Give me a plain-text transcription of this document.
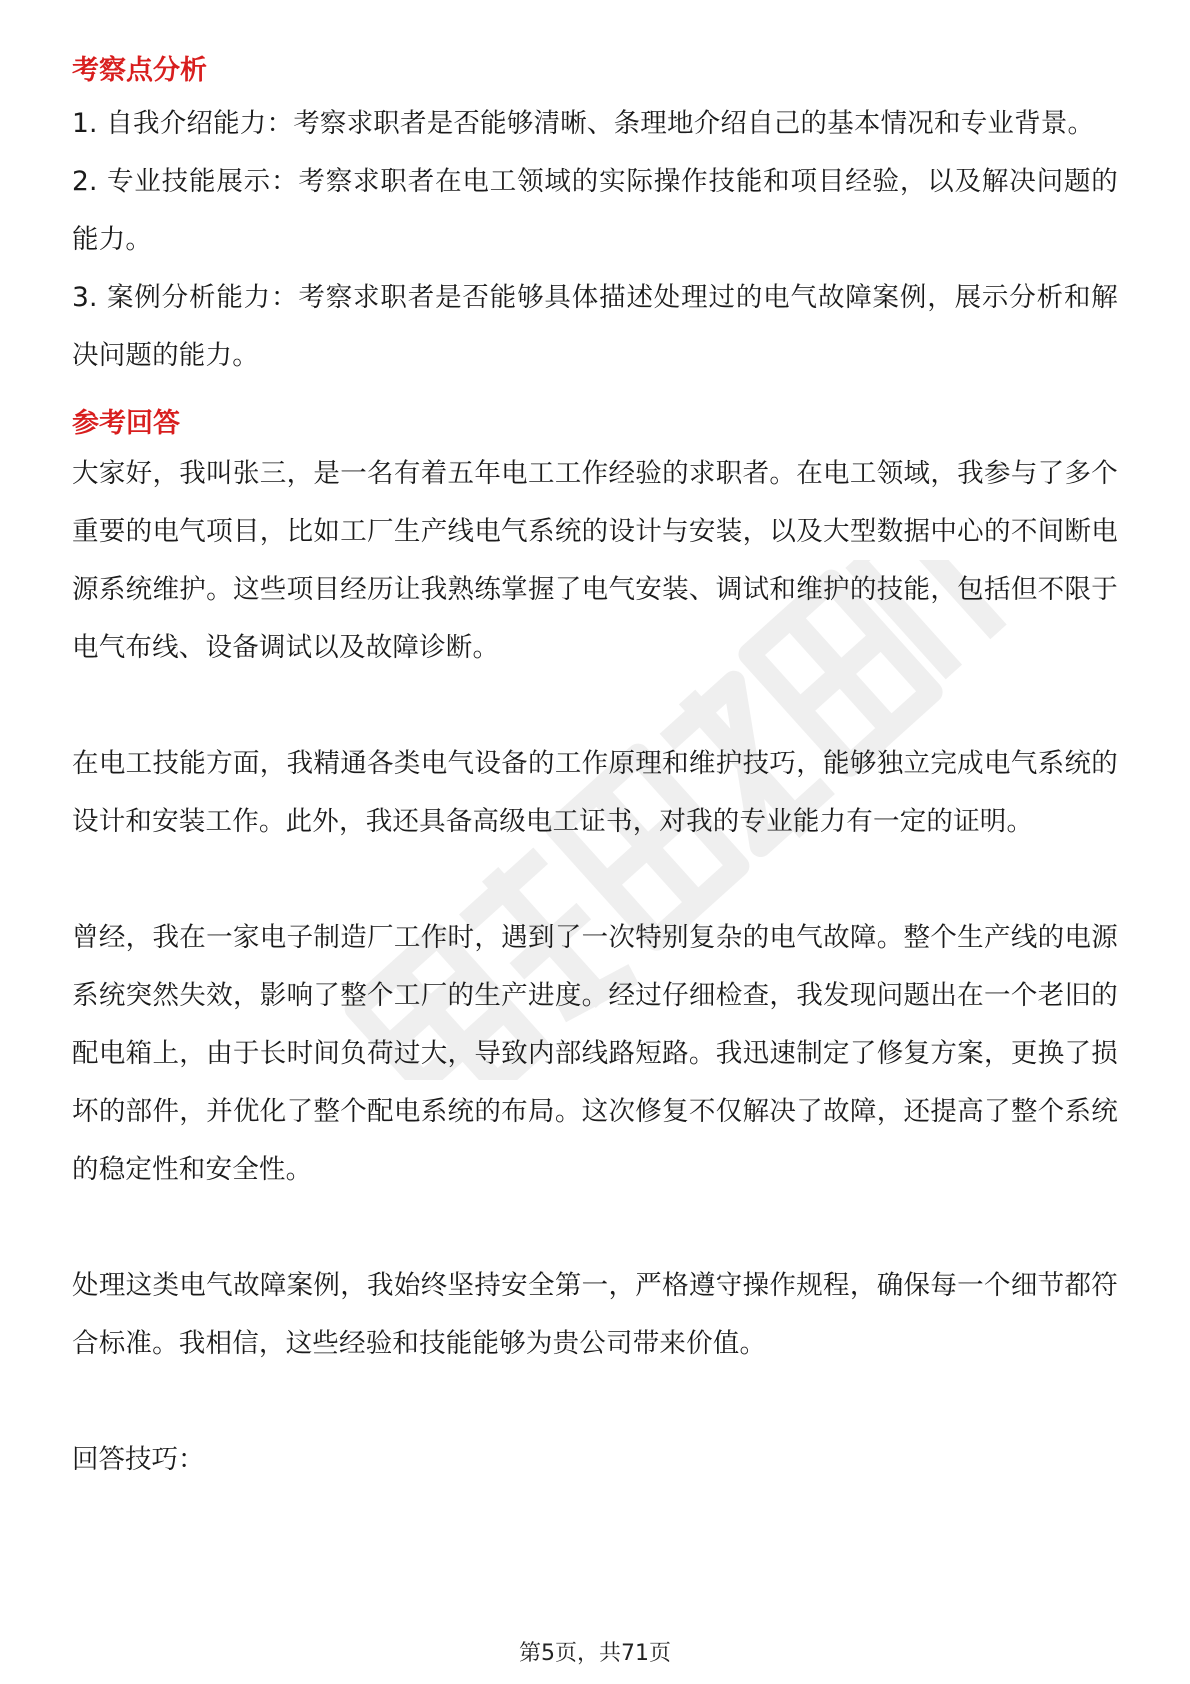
考察点分析

1. 自我介绍能力：考察求职者是否能够清晰、条理地介绍自己的基本情况和专业背景。

2. 专业技能展示：考察求职者在电工领域的实际操作技能和项目经验，以及解决问题的能力。

3. 案例分析能力：考察求职者是否能够具体描述处理过的电气故障案例，展示分析和解决问题的能力。

参考回答

大家好，我叫张三，是一名有着五年电工工作经验的求职者。在电工领域，我参与了多个重要的电气项目，比如工厂生产线电气系统的设计与安装，以及大型数据中心的不间断电源系统维护。这些项目经历让我熟练掌握了电气安装、调试和维护的技能，包括但不限于电气布线、设备调试以及故障诊断。

在电工技能方面，我精通各类电气设备的工作原理和维护技巧，能够独立完成电气系统的设计和安装工作。此外，我还具备高级电工证书，对我的专业能力有一定的证明。

曾经，我在一家电子制造厂工作时，遇到了一次特别复杂的电气故障。整个生产线的电源系统突然失效，影响了整个工厂的生产进度。经过仔细检查，我发现问题出在一个老旧的配电箱上，由于长时间负荷过大，导致内部线路短路。我迅速制定了修复方案，更换了损坏的部件，并优化了整个配电系统的布局。这次修复不仅解决了故障，还提高了整个系统的稳定性和安全性。

处理这类电气故障案例，我始终坚持安全第一，严格遵守操作规程，确保每一个细节都符合标准。我相信，这些经验和技能能够为贵公司带来价值。

回答技巧：

第5页，共71页
